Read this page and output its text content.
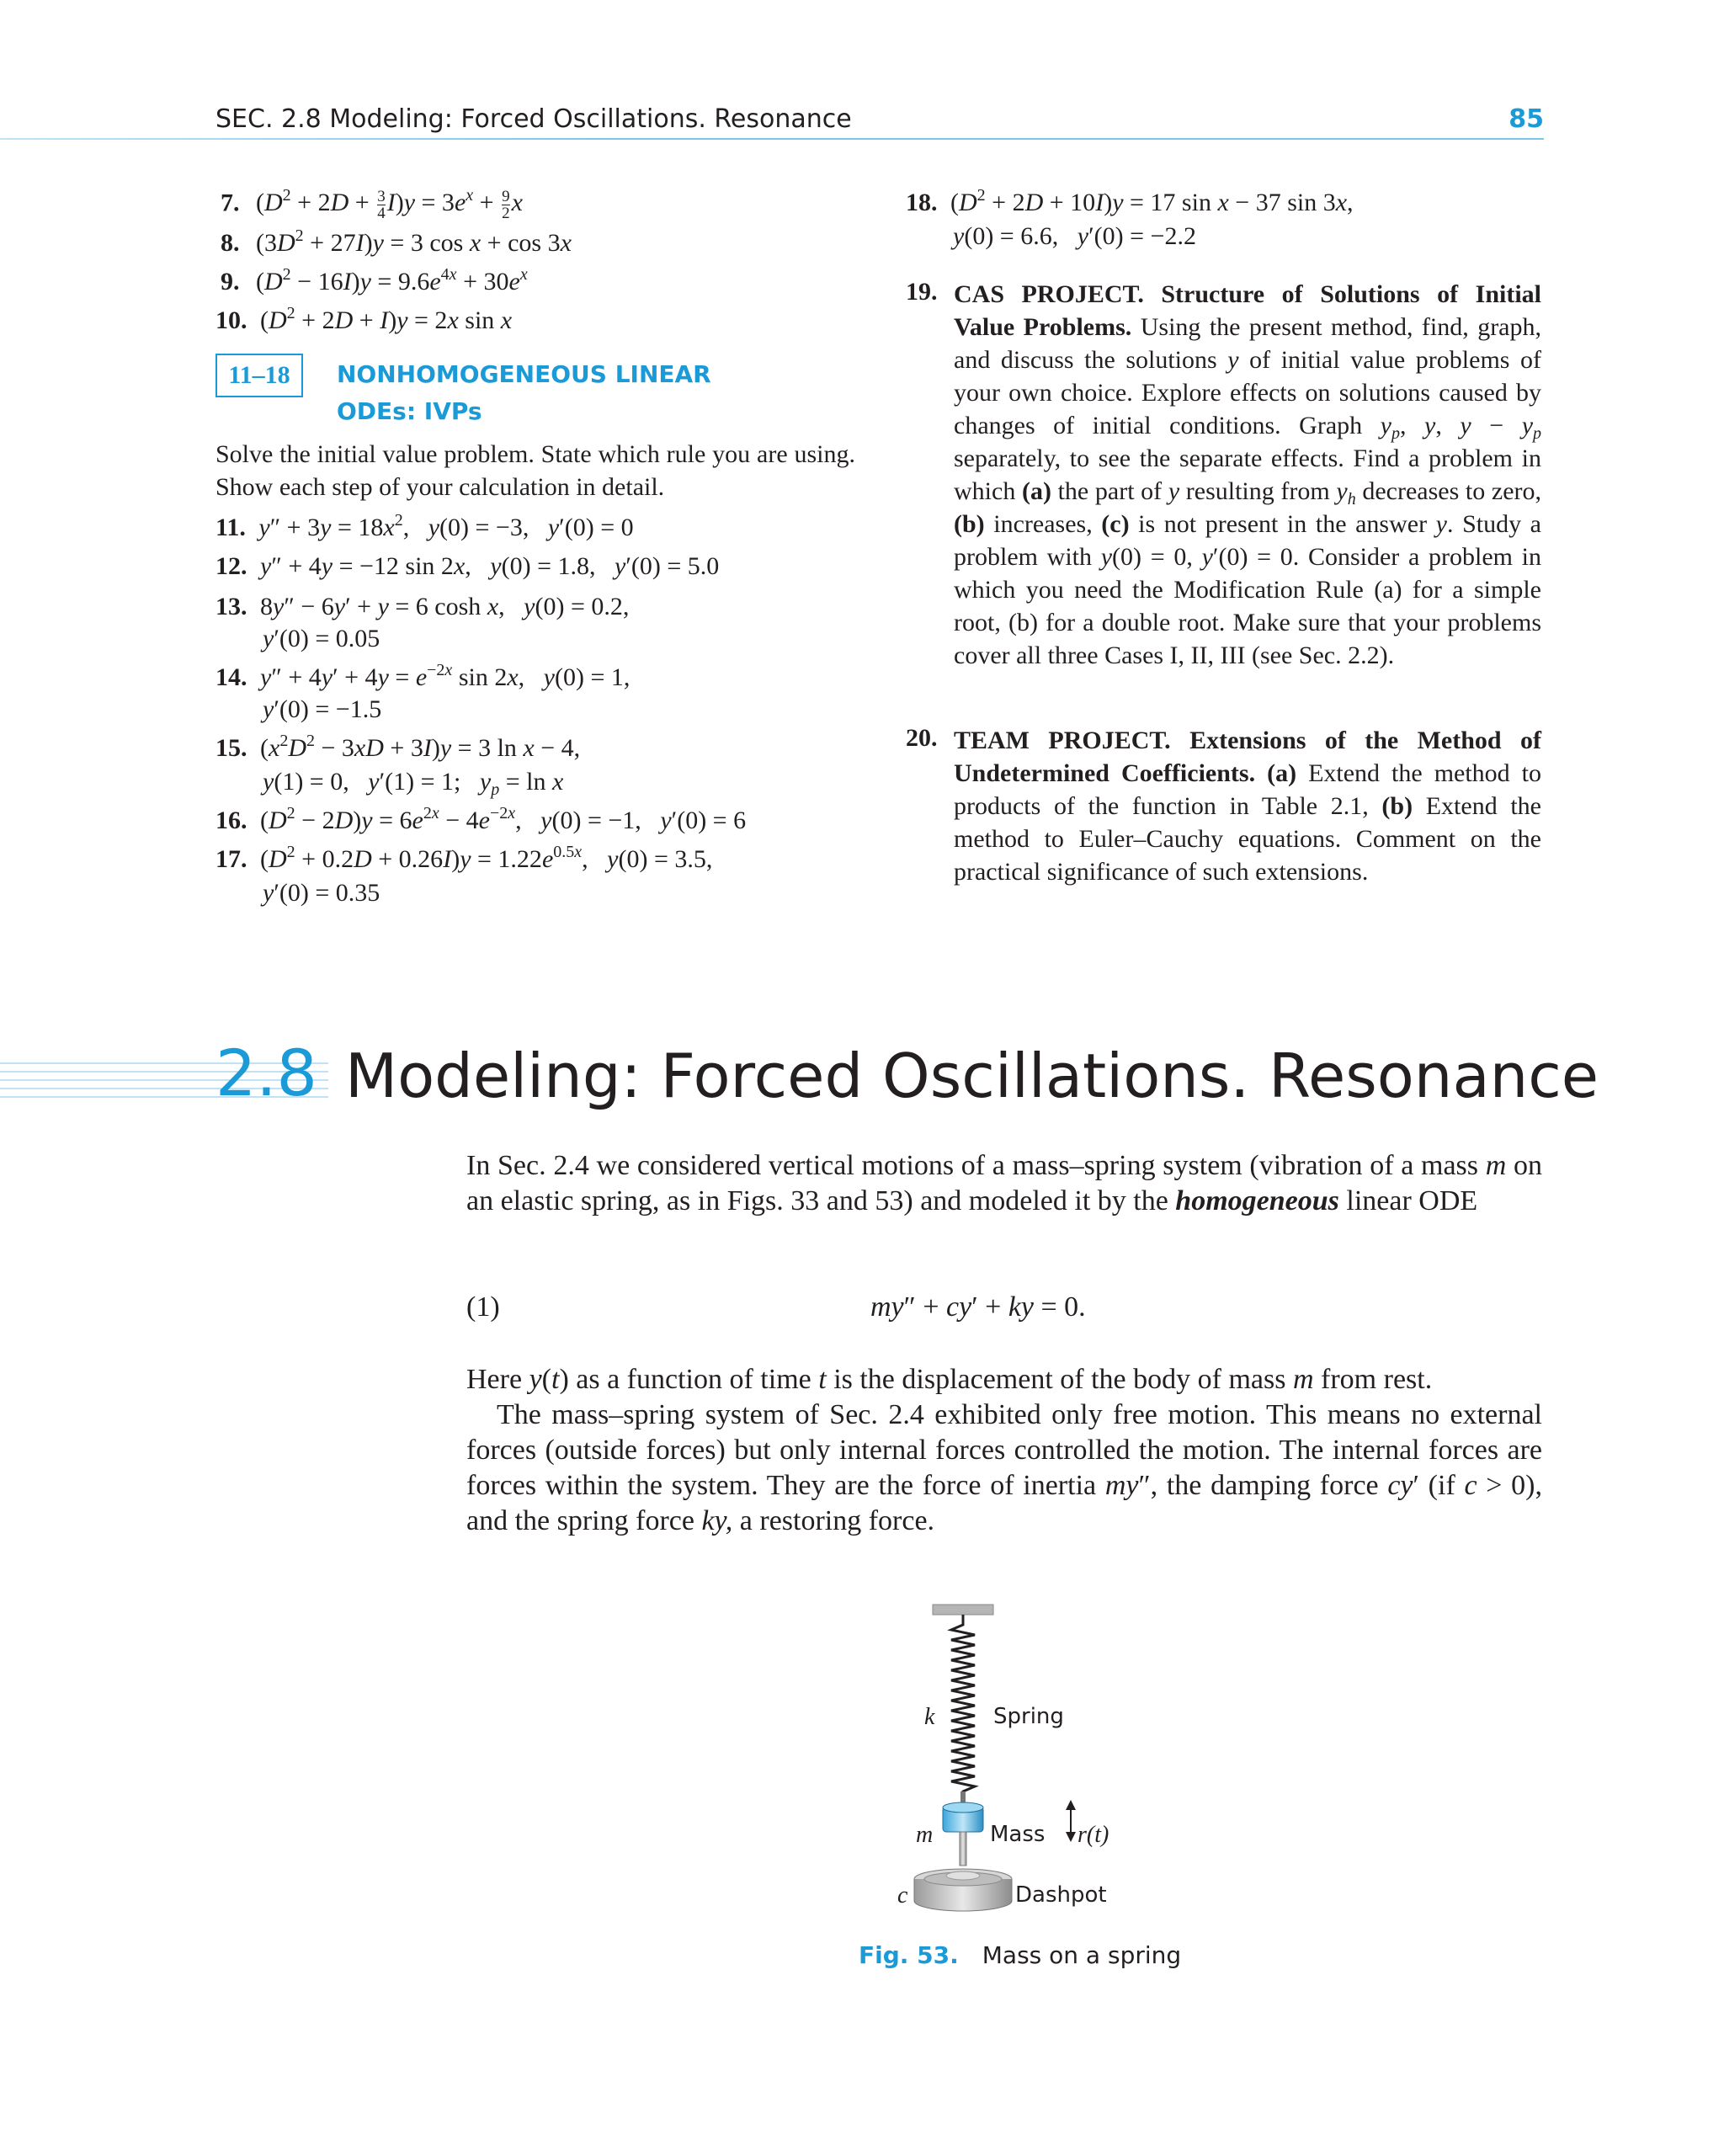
SEC. 2.8 Modeling: Forced Oscillations. Resonance	85
7. $(D^2 + 2D + \frac{3}{4} I)y = 3e^x + \frac{9}{2}$ x
8. $(3D^2 + 27I)y = 3$ cos x + cos 3x
9. $(D^2 - 16I)y = 9.6e^{4x} + 30e^x$
10. $(D^2 + 2D + I)y = 2x$ sin x
11–18	NONHOMOGENEOUS LINEAR
ODEs: IVPs
Solve the initial value problem. State which rule you are using. Show each step of your calculation in detail.
11. $y'' + 3y = 18x^2$,   y(0) = −3,   y′(0) = 0
12. y″ + 4y = −12 sin 2x,   y(0) = 1.8,   y′(0) = 5.0
13. 8y″ − 6y′ + y = 6 cosh x,   y(0) = 0.2,
y′(0) = 0.05
14. $y'' + 4y' + 4y = e^{-2x}$ sin 2x,   y(0) = 1,
y′(0) = −1.5
15. $(x^2D^2 - 3xD + 3I)y = 3$ ln x − 4,
y(1) = 0,   y′(1) = 1;   $y_p = \ln x$
16. $(D^2 - 2D)y = 6e^{2x} - 4e^{-2x}$,   y(0) = −1,   y′(0) = 6
17. $(D^2 + 0.2D + 0.26I)y = 1.22e^{0.5x}$,   y(0) = 3.5,
y′(0) = 0.35
18. $(D^2 + 2D + 10I)y = 17$ sin x − 37 sin 3x,
y(0) = 6.6,   y′(0) = −2.2
19. CAS PROJECT. Structure of Solutions of Initial Value Problems. Using the present method, find, graph, and discuss the solutions y of initial value problems of your own choice. Explore effects on solutions caused by changes of initial conditions. Graph $y_p$, y, $y - y_p$ separately, to see the separate effects. Find a problem in which (a) the part of y resulting from $y_h$ decreases to zero, (b) increases, (c) is not present in the answer y. Study a problem with y(0) = 0, y′(0) = 0. Consider a problem in which you need the Modification Rule (a) for a simple root, (b) for a double root. Make sure that your problems cover all three Cases I, II, III (see Sec. 2.2).
20. TEAM PROJECT. Extensions of the Method of Undetermined Coefficients. (a) Extend the method to products of the function in Table 2.1, (b) Extend the method to Euler–Cauchy equations. Comment on the practical significance of such extensions.
2.8 Modeling: Forced Oscillations. Resonance
In Sec. 2.4 we considered vertical motions of a mass–spring system (vibration of a mass m on an elastic spring, as in Figs. 33 and 53) and modeled it by the homogeneous linear ODE
(1)	my″ + cy′ + ky = 0.
Here y(t) as a function of time t is the displacement of the body of mass m from rest.
The mass–spring system of Sec. 2.4 exhibited only free motion. This means no external forces (outside forces) but only internal forces controlled the motion. The internal forces are forces within the system. They are the force of inertia my″, the damping force cy′ (if c > 0), and the spring force ky, a restoring force.
k	Spring
m	Mass r(t)
c	Dashpot
Fig. 53. Mass on a spring
